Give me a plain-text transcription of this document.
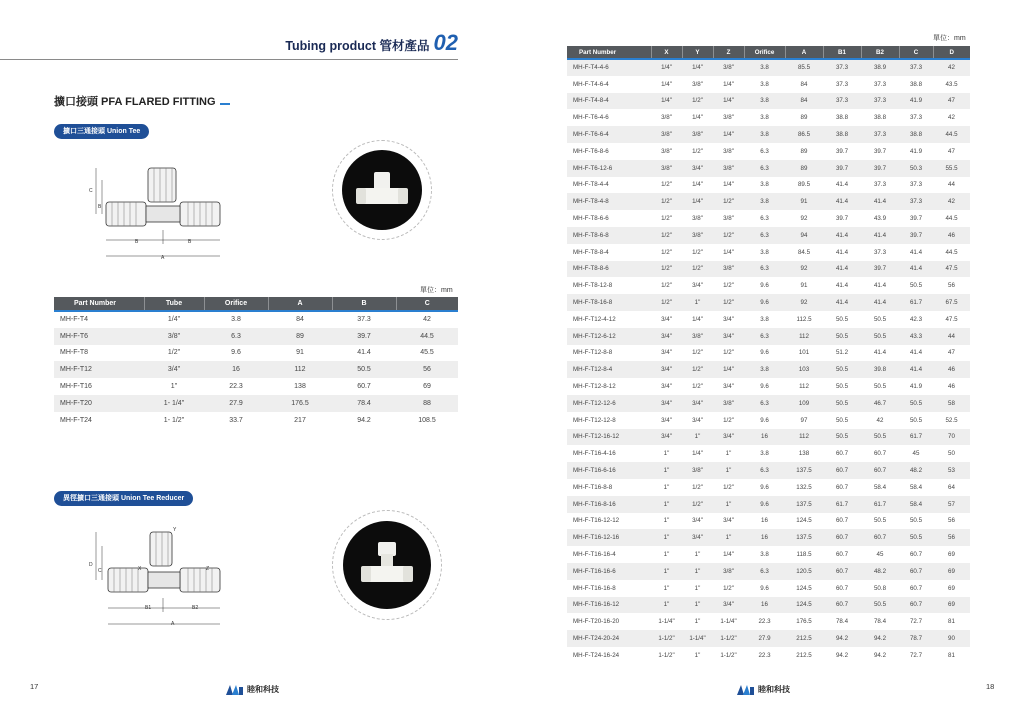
Tubing product 管材產品 02
擴口接頭 PFA FLARED FITTING
擴口三通接頭 Union Tee
C
B
B	B
A
單位：mm
Part Number	Tube	Orifice	A	B	C
MH-F-T4	1/4"	3.8	84	37.3	42
MH-F-T6	3/8"	6.3	89	39.7	44.5
MH-F-T8	1/2"	9.6	91	41.4	45.5
MH-F-T12	3/4"	16	112	50.5	56
MH-F-T16	1"	22.3	138	60.7	69
MH-F-T20	1- 1/4"	27.9	176.5	78.4	88
MH-F-T24	1- 1/2"	33.7	217	94.2	108.5
異徑擴口三通接頭 Union Tee Reducer
Y
D
C	X	Z
B1	B2
A
17	睦和科技
單位：mm
Part Number	X	Y	Z	Orifice	A	B1	B2	C	D
MH-F-T4-4-6	1/4"	1/4"	3/8"	3.8	85.5	37.3	38.9	37.3	42
MH-F-T4-6-4	1/4"	3/8"	1/4"	3.8	84	37.3	37.3	38.8	43.5
MH-F-T4-8-4	1/4"	1/2"	1/4"	3.8	84	37.3	37.3	41.9	47
MH-F-T6-4-6	3/8"	1/4"	3/8"	3.8	89	38.8	38.8	37.3	42
MH-F-T6-6-4	3/8"	3/8"	1/4"	3.8	86.5	38.8	37.3	38.8	44.5
MH-F-T6-8-6	3/8"	1/2"	3/8"	6.3	89	39.7	39.7	41.9	47
MH-F-T6-12-6	3/8"	3/4"	3/8"	6.3	89	39.7	39.7	50.3	55.5
MH-F-T8-4-4	1/2"	1/4"	1/4"	3.8	89.5	41.4	37.3	37.3	44
MH-F-T8-4-8	1/2"	1/4"	1/2"	3.8	91	41.4	41.4	37.3	42
MH-F-T8-6-6	1/2"	3/8"	3/8"	6.3	92	39.7	43.9	39.7	44.5
MH-F-T8-6-8	1/2"	3/8"	1/2"	6.3	94	41.4	41.4	39.7	46
MH-F-T8-8-4	1/2"	1/2"	1/4"	3.8	84.5	41.4	37.3	41.4	44.5
MH-F-T8-8-6	1/2"	1/2"	3/8"	6.3	92	41.4	39.7	41.4	47.5
MH-F-T8-12-8	1/2"	3/4"	1/2"	9.6	91	41.4	41.4	50.5	56
MH-F-T8-16-8	1/2"	1"	1/2"	9.6	92	41.4	41.4	61.7	67.5
MH-F-T12-4-12	3/4"	1/4"	3/4"	3.8	112.5	50.5	50.5	42.3	47.5
MH-F-T12-6-12	3/4"	3/8"	3/4"	6.3	112	50.5	50.5	43.3	44
MH-F-T12-8-8	3/4"	1/2"	1/2"	9.6	101	51.2	41.4	41.4	47
MH-F-T12-8-4	3/4"	1/2"	1/4"	3.8	103	50.5	39.8	41.4	46
MH-F-T12-8-12	3/4"	1/2"	3/4"	9.6	112	50.5	50.5	41.9	46
MH-F-T12-12-6	3/4"	3/4"	3/8"	6.3	109	50.5	46.7	50.5	58
MH-F-T12-12-8	3/4"	3/4"	1/2"	9.6	97	50.5	42	50.5	52.5
MH-F-T12-16-12	3/4"	1"	3/4"	16	112	50.5	50.5	61.7	70
MH-F-T16-4-16	1"	1/4"	1"	3.8	138	60.7	60.7	45	50
MH-F-T16-6-16	1"	3/8"	1"	6.3	137.5	60.7	60.7	48.2	53
MH-F-T16-8-8	1"	1/2"	1/2"	9.6	132.5	60.7	58.4	58.4	64
MH-F-T16-8-16	1"	1/2"	1"	9.6	137.5	61.7	61.7	58.4	57
MH-F-T16-12-12	1"	3/4"	3/4"	16	124.5	60.7	50.5	50.5	56
MH-F-T16-12-16	1"	3/4"	1"	16	137.5	60.7	60.7	50.5	56
MH-F-T16-16-4	1"	1"	1/4"	3.8	118.5	60.7	45	60.7	69
MH-F-T16-16-6	1"	1"	3/8"	6.3	120.5	60.7	48.2	60.7	69
MH-F-T16-16-8	1"	1"	1/2"	9.6	124.5	60.7	50.8	60.7	69
MH-F-T16-16-12	1"	1"	3/4"	16	124.5	60.7	50.5	60.7	69
MH-F-T20-16-20	1-1/4"	1"	1-1/4"	22.3	176.5	78.4	78.4	72.7	81
MH-F-T24-20-24	1-1/2"	1-1/4"	1-1/2"	27.9	212.5	94.2	94.2	78.7	90
MH-F-T24-16-24	1-1/2"	1"	1-1/2"	22.3	212.5	94.2	94.2	72.7	81
睦和科技	18
